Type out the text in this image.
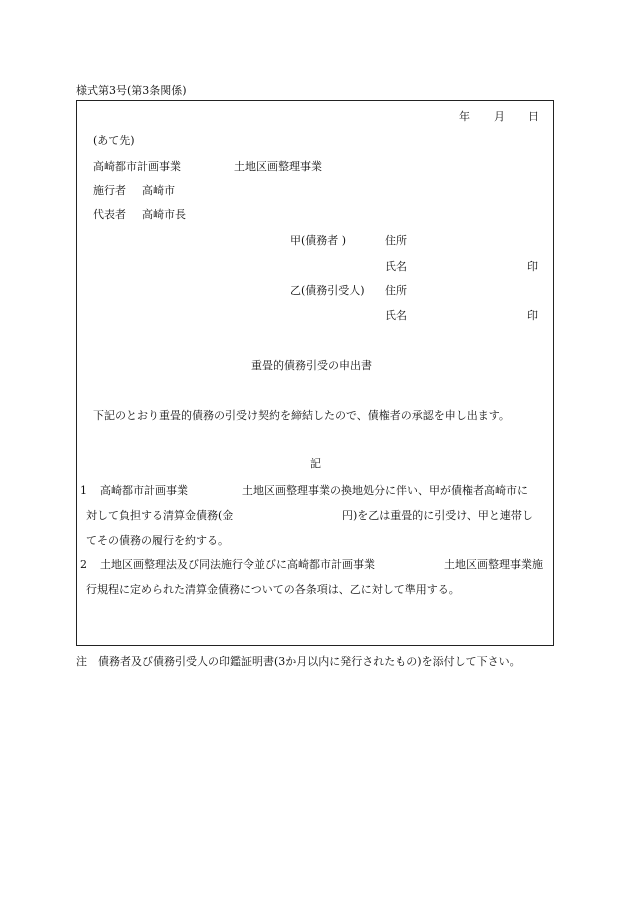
様式第3号(第3条関係)
年 月 日
(あて先)
高崎都市計画事業	土地区画整理事業
施行者 高崎市
代表者 高崎市長
甲(債務者 )	住所
氏名	印
乙(債務引受人) 住所
氏名	印
重畳的債務引受の申出書
下記のとおり重畳的債務の引受け契約を締結したので、債権者の承認を申し出ます。
記
1 高崎都市計画事業	土地区画整理事業の換地処分に伴い、甲が債権者高崎市に
対して負担する清算金債務(金	円)を乙は重畳的に引受け、甲と連帯し
てその債務の履行を約する。
2 土地区画整理法及び同法施行令並びに高崎都市計画事業	土地区画整理事業施
行規程に定められた清算金債務についての各条項は、乙に対して準用する。
注　債務者及び債務引受人の印鑑証明書(3か月以内に発行されたもの)を添付して下さい。
